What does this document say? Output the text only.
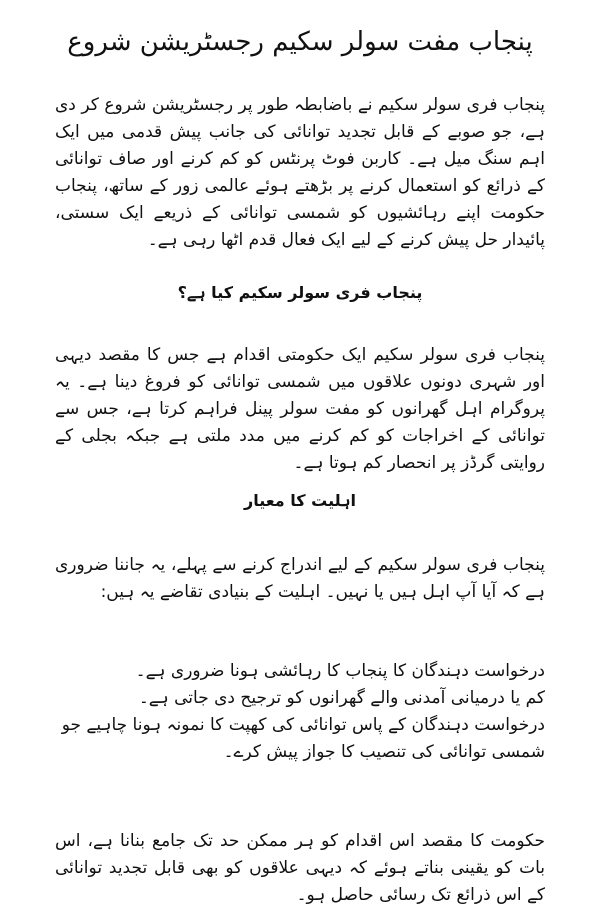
پنجاب مفت سولر سکیم رجسٹریشن شروع

پنجاب فری سولر سکیم نے باضابطہ طور پر رجسٹریشن شروع کر دی ہے، جو صوبے کے قابل تجدید توانائی کی جانب پیش قدمی میں ایک اہم سنگ میل ہے۔ کاربن فوٹ پرنٹس کو کم کرنے اور صاف توانائی کے ذرائع کو استعمال کرنے پر بڑھتے ہوئے عالمی زور کے ساتھ، پنجاب حکومت اپنے رہائشیوں کو شمسی توانائی کے ذریعے ایک سستی، پائیدار حل پیش کرنے کے لیے ایک فعال قدم اٹھا رہی ہے۔

پنجاب فری سولر سکیم کیا ہے؟

پنجاب فری سولر سکیم ایک حکومتی اقدام ہے جس کا مقصد دیہی اور شہری دونوں علاقوں میں شمسی توانائی کو فروغ دینا ہے۔ یہ پروگرام اہل گھرانوں کو مفت سولر پینل فراہم کرتا ہے، جس سے توانائی کے اخراجات کو کم کرنے میں مدد ملتی ہے جبکہ بجلی کے روایتی گرڈز پر انحصار کم ہوتا ہے۔

اہلیت کا معیار

پنجاب فری سولر سکیم کے لیے اندراج کرنے سے پہلے، یہ جاننا ضروری ہے کہ آیا آپ اہل ہیں یا نہیں۔ اہلیت کے بنیادی تقاضے یہ ہیں:

درخواست دہندگان کا پنجاب کا رہائشی ہونا ضروری ہے۔
کم یا درمیانی آمدنی والے گھرانوں کو ترجیح دی جاتی ہے۔
درخواست دہندگان کے پاس توانائی کی کھپت کا نمونہ ہونا چاہیے جو شمسی توانائی کی تنصیب کا جواز پیش کرے۔

حکومت کا مقصد اس اقدام کو ہر ممکن حد تک جامع بنانا ہے، اس بات کو یقینی بناتے ہوئے کہ دیہی علاقوں کو بھی قابل تجدید توانائی کے اس ذرائع تک رسائی حاصل ہو۔
